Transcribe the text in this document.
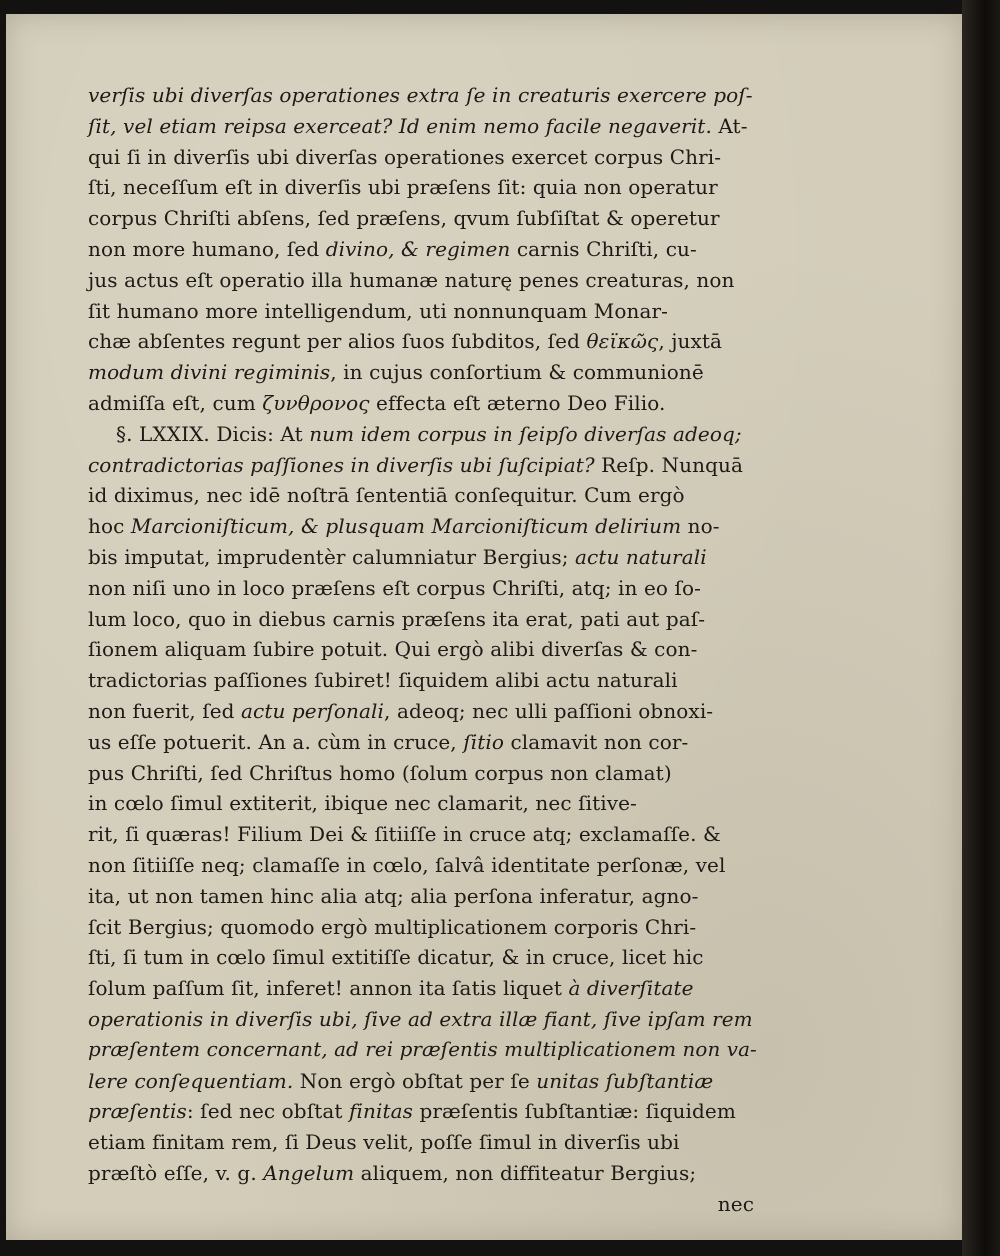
verſis ubi diverſas operationes extra ſe in creaturis exercere poſ-
ſit, vel etiam reipsa exerceat? Id enim nemo facile negaverit. At-
qui ſi in diverſis ubi diverſas operationes exercet corpus Chri-
ſti, neceſſum eſt in diverſis ubi præſens ſit: quia non operatur
corpus Chriſti abſens, ſed præſens, qvum ſubſiſtat & operetur
non more humano, ſed divino, & regimen carnis Chriſti, cu-
jus actus eſt operatio illa humanæ naturę penes creaturas, non
ſit humano more intelligendum, uti nonnunquam Monar-
chæ abſentes regunt per alios ſuos ſubditos, ſed θεϊκῶς, juxtā
modum divini regiminis, in cujus conſortium & communionē
admiſſa eſt, cum ζυνθρονος effecta eſt æterno Deo Filio.
§. LXXIX. Dicis: At num idem corpus in ſeipſo diverſas adeoq;
contradictorias paſſiones in diverſis ubi ſuſcipiat? Reſp. Nunquā
id diximus, nec idē noſtrā ſententiā conſequitur. Cum ergò
hoc Marcioniſticum, & plusquam Marcioniſticum delirium no-
bis imputat, imprudentèr calumniatur Bergius; actu naturali
non niſi uno in loco præſens eſt corpus Chriſti, atq; in eo ſo-
lum loco, quo in diebus carnis præſens ita erat, pati aut paſ-
ſionem aliquam ſubire potuit. Qui ergò alibi diverſas & con-
tradictorias paſſiones ſubiret! ſiquidem alibi actu naturali
non fuerit, ſed actu perſonali, adeoq; nec ulli paſſioni obnoxi-
us eſſe potuerit. An a. cùm in cruce, ſitio clamavit non cor-
pus Chriſti, ſed Chriſtus homo (ſolum corpus non clamat)
in cœlo ſimul extiterit, ibique nec clamarit, nec ſitive-
rit, ſi quæras! Filium Dei & ſitiiſſe in cruce atq; exclamaſſe. &
non ſitiiſſe neq; clamaſſe in cœlo, ſalvâ identitate perſonæ, vel
ita, ut non tamen hinc alia atq; alia perſona inferatur, agno-
ſcit Bergius; quomodo ergò multiplicationem corporis Chri-
ſti, ſi tum in cœlo ſimul extitiſſe dicatur, & in cruce, licet hic
ſolum paſſum ſit, inferet! annon ita ſatis liquet à diverſitate
operationis in diverſis ubi, ſive ad extra illæ fiant, ſive ipſam rem
præſentem concernant, ad rei præſentis multiplicationem non va-
lere conſequentiam. Non ergò obſtat per ſe unitas ſubſtantiæ
præſentis: ſed nec obſtat finitas præſentis ſubſtantiæ: ſiquidem
etiam finitam rem, ſi Deus velit, poſſe ſimul in diverſis ubi
præſtò eſſe, v. g. Angelum aliquem, non diffiteatur Bergius;
nec
